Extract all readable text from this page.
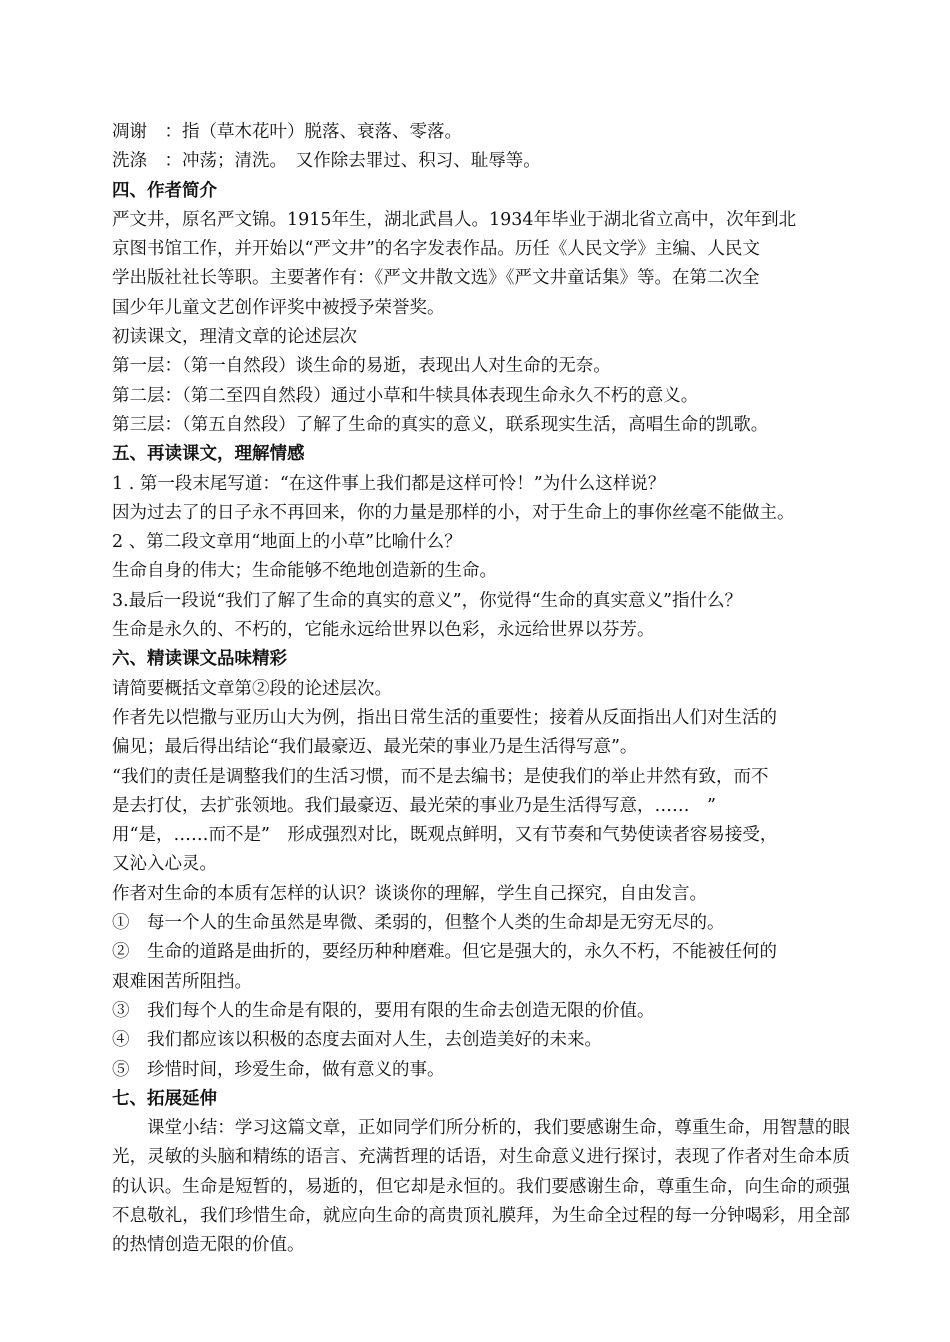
凋谢　：指（草木花叶）脱落、衰落、零落。
洗涤　：冲荡；清洗。　又作除去罪过、积习、耻辱等。
四、作者简介
严文井，原名严文锦。1915年生，湖北武昌人。1934年毕业于湖北省立高中，次年到北
京图书馆工作，并开始以“严文井”的名字发表作品。历任《人民文学》主编、人民文
学出版社社长等职。主要著作有：《严文井散文选》《严文井童话集》等。在第二次全
国少年儿童文艺创作评奖中被授予荣誉奖。
初读课文，理清文章的论述层次
第一层：（第一自然段）谈生命的易逝，表现出人对生命的无奈。
第二层：（第二至四自然段）通过小草和牛犊具体表现生命永久不朽的意义。
第三层：（第五自然段）了解了生命的真实的意义，联系现实生活，高唱生命的凯歌。
五、再读课文，理解情感
1 . 第一段末尾写道：“在这件事上我们都是这样可怜！”为什么这样说？
因为过去了的日子永不再回来，你的力量是那样的小，对于生命上的事你丝毫不能做主。
2 、第二段文章用“地面上的小草”比喻什么？
生命自身的伟大；生命能够不绝地创造新的生命。
3.最后一段说“我们了解了生命的真实的意义”，你觉得“生命的真实意义”指什么？
生命是永久的、不朽的，它能永远给世界以色彩，永远给世界以芬芳。
六、精读课文品味精彩
请简要概括文章第②段的论述层次。
作者先以恺撒与亚历山大为例，指出日常生活的重要性；接着从反面指出人们对生活的
偏见；最后得出结论“我们最豪迈、最光荣的事业乃是生活得写意”。
“我们的责任是调整我们的生活习惯，而不是去编书；是使我们的举止井然有致，而不
是去打仗，去扩张领地。我们最豪迈、最光荣的事业乃是生活得写意，……　”
用“是，……而不是”　形成强烈对比，既观点鲜明，又有节奏和气势使读者容易接受，
又沁入心灵。
作者对生命的本质有怎样的认识？谈谈你的理解，学生自己探究，自由发言。
①　每一个人的生命虽然是卑微、柔弱的，但整个人类的生命却是无穷无尽的。
②　生命的道路是曲折的，要经历种种磨难。但它是强大的，永久不朽，不能被任何的
艰难困苦所阻挡。
③　我们每个人的生命是有限的，要用有限的生命去创造无限的价值。
④　我们都应该以积极的态度去面对人生，去创造美好的未来。
⑤　珍惜时间，珍爱生命，做有意义的事。
七、拓展延伸
课堂小结：学习这篇文章，正如同学们所分析的，我们要感谢生命，尊重生命，用智慧的眼光，灵敏的头脑和精练的语言、充满哲理的话语，对生命意义进行探讨，表现了作者对生命本质的认识。生命是短暂的，易逝的，但它却是永恒的。我们要感谢生命，尊重生命，向生命的顽强不息敬礼，我们珍惜生命，就应向生命的高贵顶礼膜拜，为生命全过程的每一分钟喝彩，用全部的热情创造无限的价值。
